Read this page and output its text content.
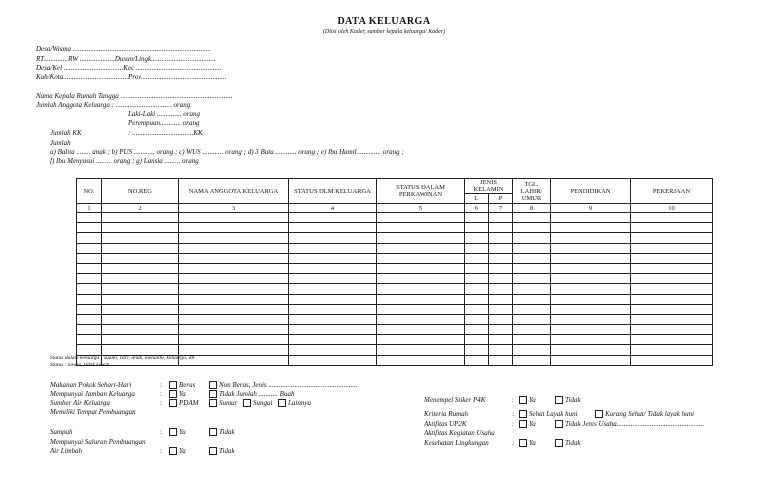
DATA KELUARGA
(Diisi oleh Kader, sumber kepala keluarga/ Kader)
Desa/Wisma ...............................................................................
RT..............RW ....................Dusun/Lingk.....................................
Desa/Kel ..................................Kec .................................................
Kab/Kota.....................................Prov.................................................
Nama Kepala Rumah Tangga ................................................................
Jumlah Anggota Keluarga : ................................ orang
Laki-Laki .............. orang
Perempuan............ orang
Jumlah KK	: ...................................KK
Jumlah
a) Balita ........ anak ; b) PUS ............ orang ; c) WUS ............ orang ; d) 3 Buta ............ orang ; e) Ibu Hamil.............. orang ;
f) Ibu Menyusui ......... orang ; g) Lansia ......... orang
NO.	NO.REG	NAMA ANGGOTA KELUARGA	STATUS DLM KELUARGA	STATUS DALAM PERKAWINAN	JENIS KELAMIN		TGL. LAHIR/ UMUR	PENDIDIKAN	PEKERJAAN
					L	P			
1	2	3	4	5	6	7	8	9	10

Status dalam keluarga : suami, istri, anak, menantu, keluarga, dll
Status : kawin, tidak kawin
Makanan Pokok Sehari-Hari	: Beras	Non Beras, Jenis ...................................................
Mempunyai Jamban Keluarga	: Ya	Tidak Jumlah ........... Buah
Sumber Air Keluarga	: PDAM	Sumur Sungai Lainnya
Memiliki Tempat Pembuangan
Sampah	: Ya	Tidak
Mempunyai Saluran Pembuangan
Air Limbah	: Ya	Tidak
Menempel Stiker P4K	: Ya	Tidak
Kriteria Rumah	: Sehat Layak huni	Kurang Sehat/ Tidak layak huni
Aktifitas UP2K	: Ya	Tidak Jenis Usaha..................................................
Aktifitas Kegiatan Usaha
Kesehatan Lingkungan	: Ya	Tidak
